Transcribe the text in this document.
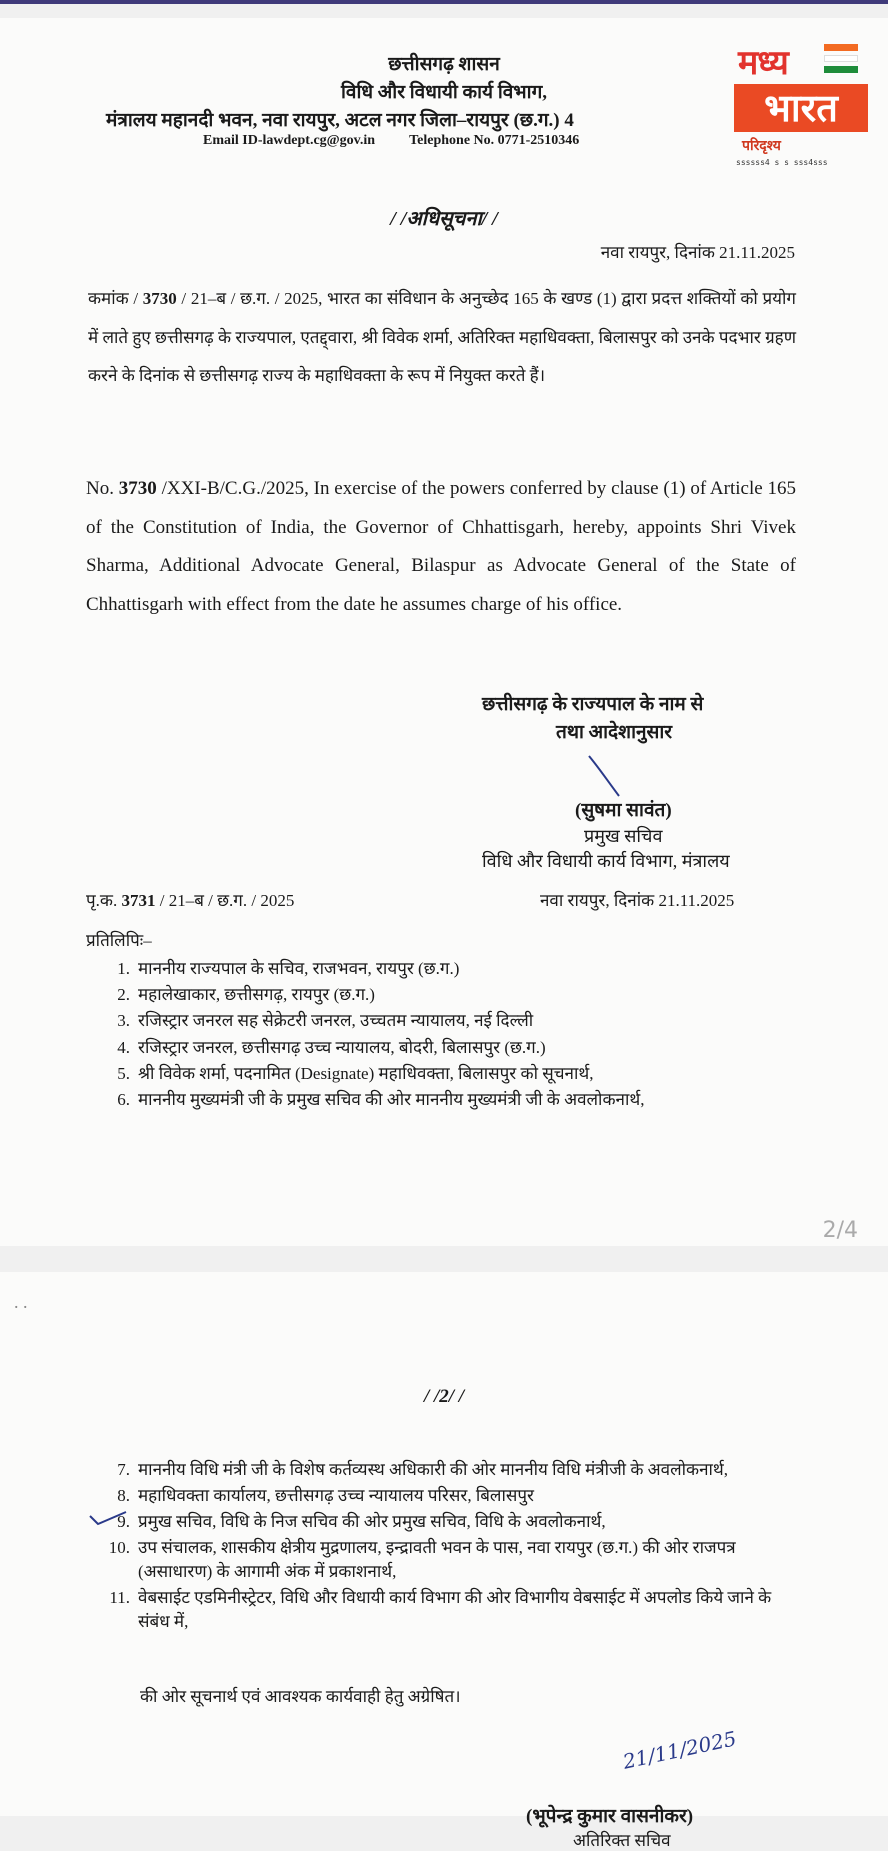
छत्तीसगढ़ शासन
विधि और विधायी कार्य विभाग,
मंत्रालय महानदी भवन, नवा रायपुर, अटल नगर जिला–रायपुर (छ.ग.) 4
Email ID-lawdept.cg@gov.in Telephone No. 0771-2510346
मध्य
भारत
परिदृश्य
ssssss4 s s sss4sss
/ /अधिसूचना/ /
नवा रायपुर, दिनांक 21.11.2025
कमांक / 3730 / 21–ब / छ.ग. / 2025, भारत का संविधान के अनुच्छेद 165 के खण्ड (1) द्वारा प्रदत्त शक्तियों को प्रयोग में लाते हुए छत्तीसगढ़ के राज्यपाल, एतद्द्वारा, श्री विवेक शर्मा, अतिरिक्त महाधिवक्ता, बिलासपुर को उनके पदभार ग्रहण करने के दिनांक से छत्तीसगढ़ राज्य के महाधिवक्ता के रूप में नियुक्त करते हैं।
No. 3730 /XXI-B/C.G./2025, In exercise of the powers conferred by clause (1) of Article 165 of the Constitution of India, the Governor of Chhattisgarh, hereby, appoints Shri Vivek Sharma, Additional Advocate General, Bilaspur as Advocate General of the State of Chhattisgarh with effect from the date he assumes charge of his office.
छत्तीसगढ़ के राज्यपाल के नाम से
तथा आदेशानुसार
(सुषमा सावंत)
प्रमुख सचिव
विधि और विधायी कार्य विभाग, मंत्रालय
पृ.क. 3731 / 21–ब / छ.ग. / 2025	नवा रायपुर, दिनांक 21.11.2025
प्रतिलिपिः–
1. माननीय राज्यपाल के सचिव, राजभवन, रायपुर (छ.ग.)
2. महालेखाकार, छत्तीसगढ़, रायपुर (छ.ग.)
3. रजिस्ट्रार जनरल सह सेक्रेटरी जनरल, उच्चतम न्यायालय, नई दिल्ली
4. रजिस्ट्रार जनरल, छत्तीसगढ़ उच्च न्यायालय, बोदरी, बिलासपुर (छ.ग.)
5. श्री विवेक शर्मा, पदनामित (Designate) महाधिवक्ता, बिलासपुर को सूचनार्थ,
6. माननीय मुख्यमंत्री जी के प्रमुख सचिव की ओर माननीय मुख्यमंत्री जी के अवलोकनार्थ,
2/4
. .
/ /2/ /
7. माननीय विधि मंत्री जी के विशेष कर्तव्यस्थ अधिकारी की ओर माननीय विधि मंत्रीजी के अवलोकनार्थ,
8. महाधिवक्ता कार्यालय, छत्तीसगढ़ उच्च न्यायालय परिसर, बिलासपुर
9. प्रमुख सचिव, विधि के निज सचिव की ओर प्रमुख सचिव, विधि के अवलोकनार्थ,
10. उप संचालक, शासकीय क्षेत्रीय मुद्रणालय, इन्द्रावती भवन के पास, नवा रायपुर (छ.ग.) की ओर राजपत्र (असाधारण) के आगामी अंक में प्रकाशनार्थ,
11. वेबसाईट एडमिनीस्ट्रेटर, विधि और विधायी कार्य विभाग की ओर विभागीय वेबसाईट में अपलोड किये जाने के संबंध में,
की ओर सूचनार्थ एवं आवश्यक कार्यवाही हेतु अग्रेषित।
21/11/2025
(भूपेन्द्र कुमार वासनीकर)
अतिरिक्त सचिव
